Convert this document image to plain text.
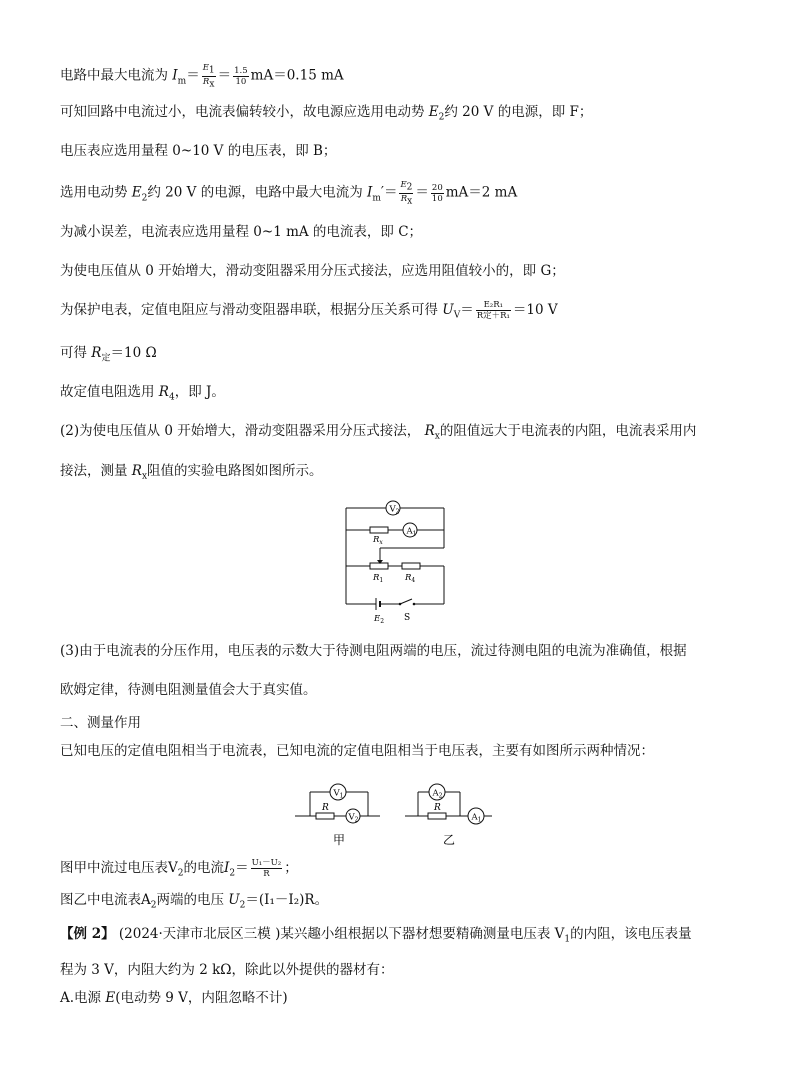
电路中最大电流为 $I_m= \frac{E_1}{R_x} = \frac{1.5}{10} mA=0.15$ mA
可知回路中电流过小，电流表偏转较小，故电源应选用电动势 $E_2$约 20 V 的电源，即 F；
电压表应选用量程 0~10 V 的电压表，即 B；
选用电动势 $E_2$约 20 V 的电源，电路中最大电流为 $I_m'= \frac{E_2}{R_x} = \frac{20}{10} mA=2$ mA
为减小误差，电流表应选用量程 0~1 mA 的电流表，即 C；
为使电压值从 0 开始增大，滑动变阻器采用分压式接法，应选用阻值较小的，即 G；
为保护电表，定值电阻应与滑动变阻器串联，根据分压关系可得 $U_V= \frac{\text{E₂R₁}}{\text{R定＋R₁}} =10$ V
可得 $R_定=10$ Ω
故定值电阻选用 $R_4$，即 J。
(2)为使电压值从 0 开始增大，滑动变阻器采用分压式接法， $R_x$的阻值远大于电流表的内阻，电流表采用内
接法，测量 $R_x$阻值的实验电路图如图所示。
$V_2$
$A_1$
$R_x$
$R_1$	$R_4$
$E_2$ S
(3)由于电流表的分压作用，电压表的示数大于待测电阻两端的电压，流过待测电阻的电流为准确值，根据
欧姆定律，待测电阻测量值会大于真实值。
二、测量作用
已知电压的定值电阻相当于电流表，已知电流的定值电阻相当于电压表，主要有如图所示两种情况：
$V_1$
$V_2$
R
甲
$A_2$
$A_1$
R
乙
图甲中流过电压表$V_2$的电流$I_2= \frac{\text{U₁－U₂}}{R}$ ；
图乙中电流表$A_2$两端的电压 $U_2=(I_1-I_2)R$。
【例 2】 (2024·天津市北辰区三模 )某兴趣小组根据以下器材想要精确测量电压表 $V_1$的内阻，该电压表量
程为 3 V，内阻大约为 2 kΩ，除此以外提供的器材有：
A.电源 E(电动势 9 V，内阻忽略不计)
